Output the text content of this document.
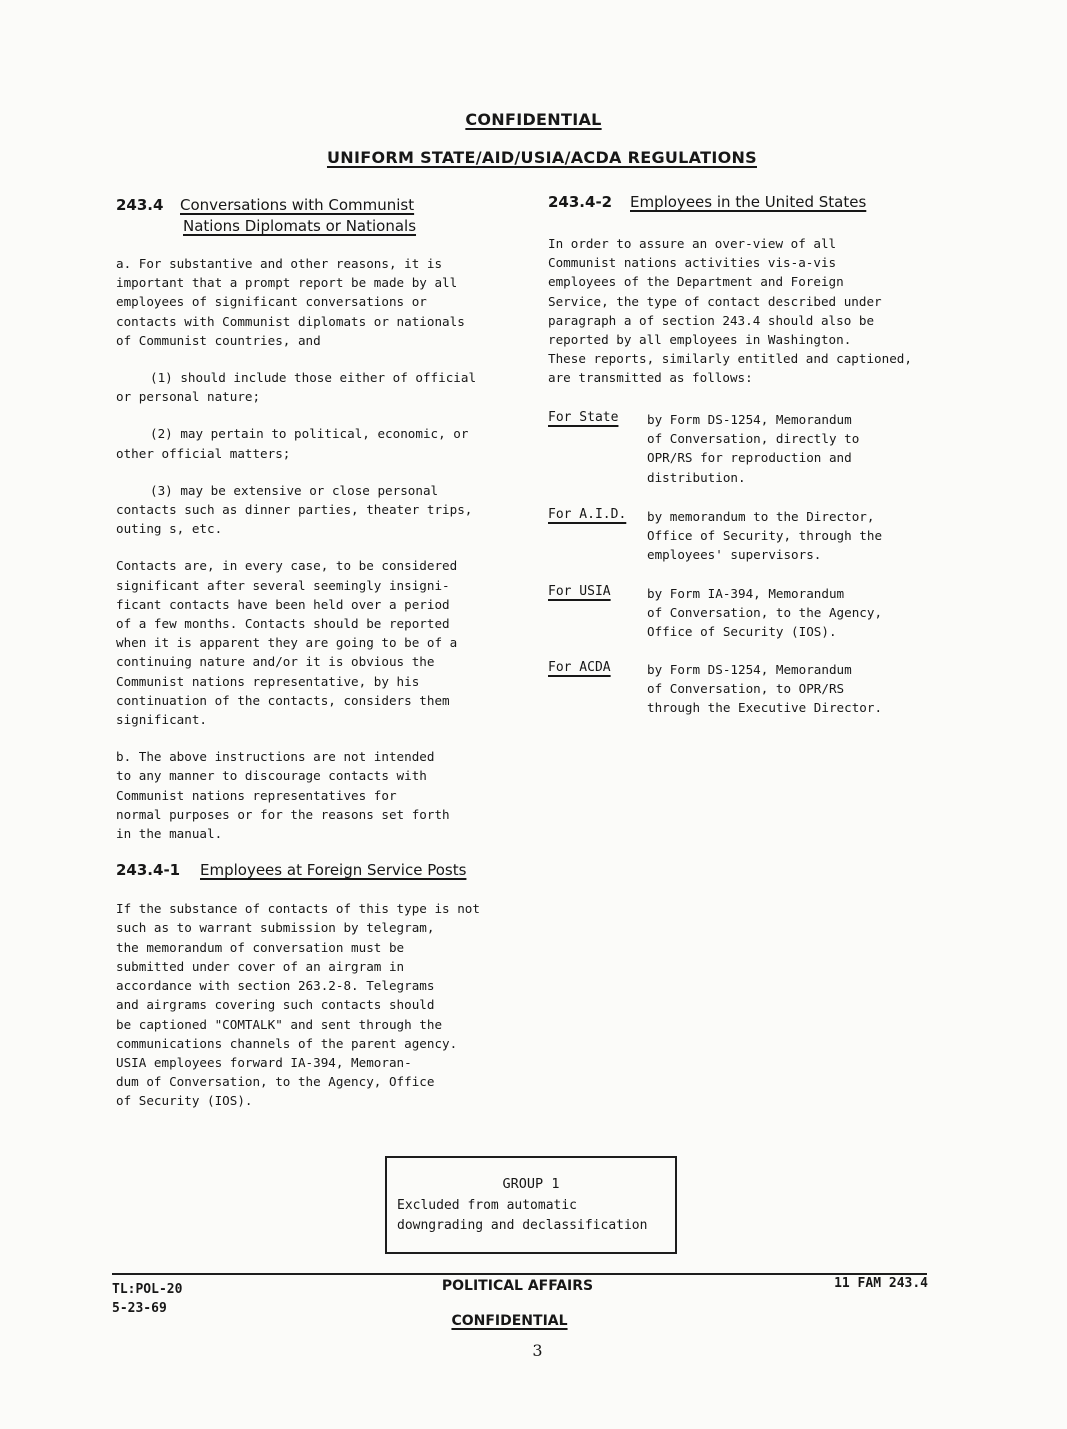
CONFIDENTIAL
UNIFORM STATE/AID/USIA/ACDA REGULATIONS
243.4 Conversations with Communist
Nations Diplomats or Nationals

a. For substantive and other reasons, it is
important that a prompt report be made by all
employees of significant conversations or
contacts with Communist diplomats or nationals
of Communist countries, and

(1) should include those either of official
or personal nature;

(2) may pertain to political, economic, or
other official matters;

(3) may be extensive or close personal
contacts such as dinner parties, theater trips,
outing s, etc.

Contacts are, in every case, to be considered
significant after several seemingly insigni-
ficant contacts have been held over a period
of a few months. Contacts should be reported
when it is apparent they are going to be of a
continuing nature and/or it is obvious the
Communist nations representative, by his
continuation of the contacts, considers them
significant.

b. The above instructions are not intended
to any manner to discourage contacts with
Communist nations representatives for
normal purposes or for the reasons set forth
in the manual.

243.4-1 Employees at Foreign Service Posts

If the substance of contacts of this type is not
such as to warrant submission by telegram,
the memorandum of conversation must be
submitted under cover of an airgram in
accordance with section 263.2-8. Telegrams
and airgrams covering such contacts should
be captioned "COMTALK" and sent through the
communications channels of the parent agency.
USIA employees forward IA-394, Memoran-
dum of Conversation, to the Agency, Office
of Security (IOS).

243.4-2 Employees in the United States

In order to assure an over-view of all
Communist nations activities vis-a-vis
employees of the Department and Foreign
Service, the type of contact described under
paragraph a of section 243.4 should also be
reported by all employees in Washington.
These reports, similarly entitled and captioned,
are transmitted as follows:

For State by Form DS-1254, Memorandum
of Conversation, directly to
OPR/RS for reproduction and
distribution.

For A.I.D. by memorandum to the Director,
Office of Security, through the
employees' supervisors.

For USIA	by Form IA-394, Memorandum
of Conversation, to the Agency,
Office of Security (IOS).

For ACDA	by Form DS-1254, Memorandum
of Conversation, to OPR/RS
through the Executive Director.

GROUP 1
Excluded from automatic
downgrading and declassification
TL:POL-20
5-23-69
POLITICAL AFFAIRS	11 FAM 243.4
CONFIDENTIAL
3
